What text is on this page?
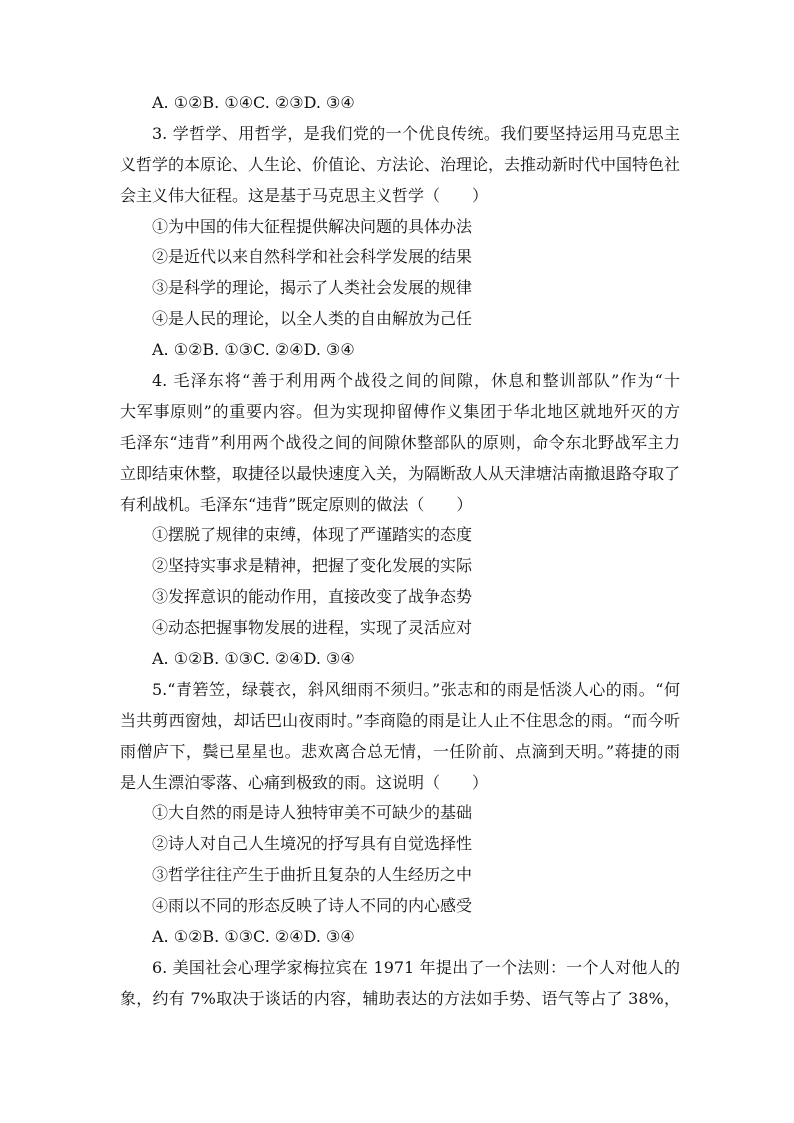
A. ①②B. ①④C. ②③D. ③④
3. 学哲学、用哲学，是我们党的一个优良传统。我们要坚持运用马克思主
义哲学的本原论、人生论、价值论、方法论、治理论，去推动新时代中国特色社
会主义伟大征程。这是基于马克思主义哲学（　　）
①为中国的伟大征程提供解决问题的具体办法
②是近代以来自然科学和社会科学发展的结果
③是科学的理论，揭示了人类社会发展的规律
④是人民的理论，以全人类的自由解放为己任
A. ①②B. ①③C. ②④D. ③④
4. 毛泽东将“善于利用两个战役之间的间隙，休息和整训部队”作为“十
大军事原则”的重要内容。但为实现抑留傅作义集团于华北地区就地歼灭的方
毛泽东“违背”利用两个战役之间的间隙休整部队的原则，命令东北野战军主力
立即结束休整，取捷径以最快速度入关，为隔断敌人从天津塘沽南撤退路夺取了
有利战机。毛泽东“违背”既定原则的做法（　　）
①摆脱了规律的束缚，体现了严谨踏实的态度
②坚持实事求是精神，把握了变化发展的实际
③发挥意识的能动作用，直接改变了战争态势
④动态把握事物发展的进程，实现了灵活应对
A. ①②B. ①③C. ②④D. ③④
5.“青箬笠，绿蓑衣，斜风细雨不须归。”张志和的雨是恬淡人心的雨。“何
当共剪西窗烛，却话巴山夜雨时。”李商隐的雨是让人止不住思念的雨。“而今听
雨僧庐下，鬓已星星也。悲欢离合总无情，一任阶前、点滴到天明。”蒋捷的雨
是人生漂泊零落、心痛到极致的雨。这说明（　　）
①大自然的雨是诗人独特审美不可缺少的基础
②诗人对自己人生境况的抒写具有自觉选择性
③哲学往往产生于曲折且复杂的人生经历之中
④雨以不同的形态反映了诗人不同的内心感受
A. ①②B. ①③C. ②④D. ③④
6. 美国社会心理学家梅拉宾在 1971 年提出了一个法则：一个人对他人的
象，约有 7%取决于谈话的内容，辅助表达的方法如手势、语气等占了 38%，
